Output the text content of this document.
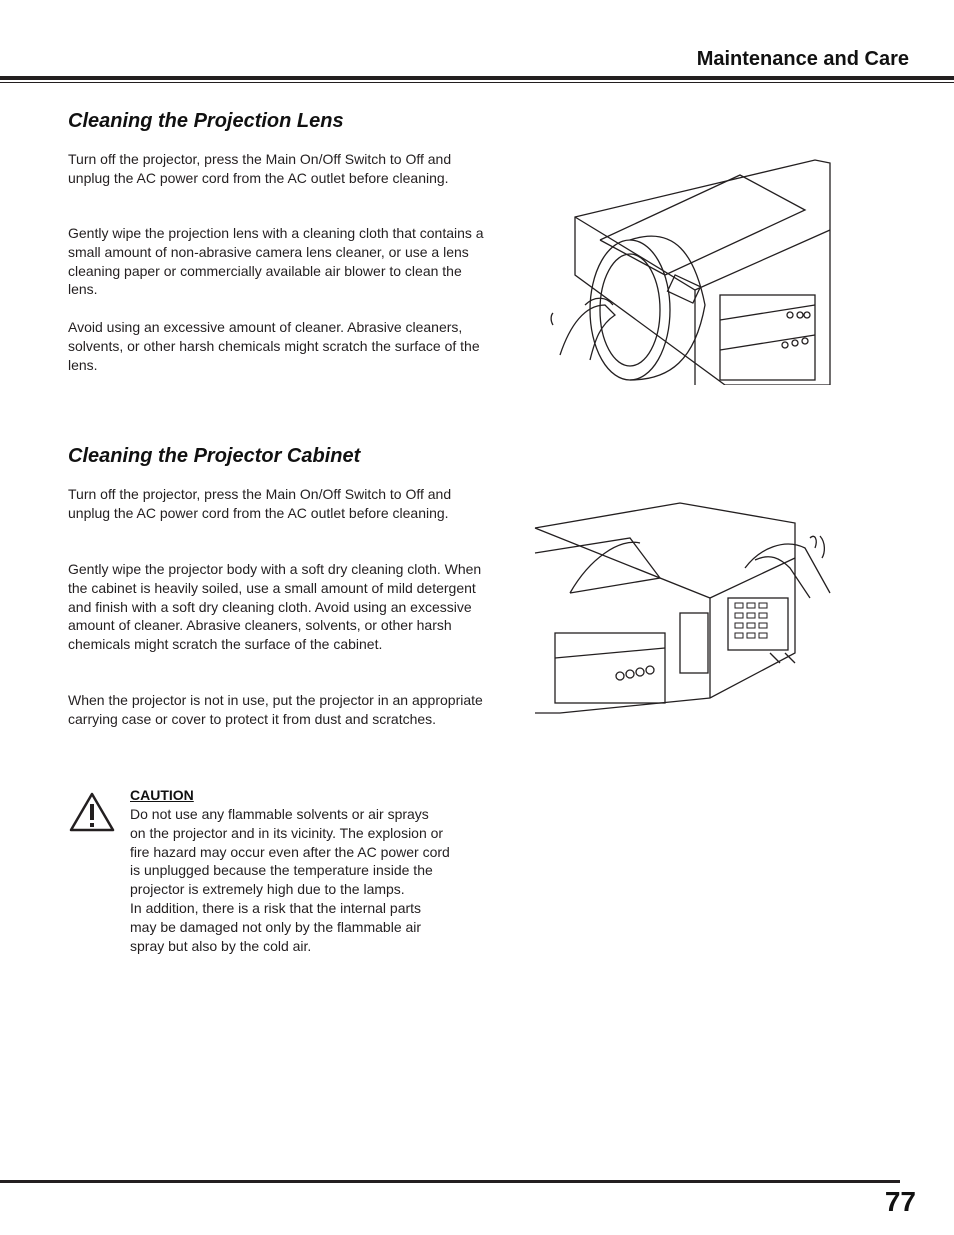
Maintenance and Care
Cleaning the Projection Lens
Turn off the projector, press the Main On/Off Switch to Off and unplug the AC power cord from the AC outlet before cleaning.
Gently wipe the projection lens with a cleaning cloth that contains a small amount of non-abrasive camera lens cleaner, or use a lens cleaning paper or commercially available air blower to clean the lens.
Avoid using an excessive amount of cleaner. Abrasive cleaners, solvents, or other harsh chemicals might scratch the surface of the lens.
Cleaning the Projector Cabinet
Turn off the projector, press the Main On/Off Switch to Off and unplug the AC power cord from the AC outlet before cleaning.
Gently wipe the projector body with a soft dry cleaning cloth. When the cabinet is heavily soiled, use a small amount of mild detergent and finish with a soft dry cleaning cloth. Avoid using an excessive amount of cleaner. Abrasive cleaners, solvents, or other harsh chemicals might scratch the surface of the cabinet.
When the projector is not in use, put the projector in an appropriate carrying case or cover to protect it from dust and scratches.
CAUTION
Do not use any flammable solvents or air sprays
on the projector and in its vicinity. The explosion or
fire hazard may occur even after the AC power cord
is unplugged because the temperature inside the
projector is extremely high due to the lamps.
In addition, there is a risk that the internal parts
may be damaged not only by the flammable air
spray but also by the cold air.
77
